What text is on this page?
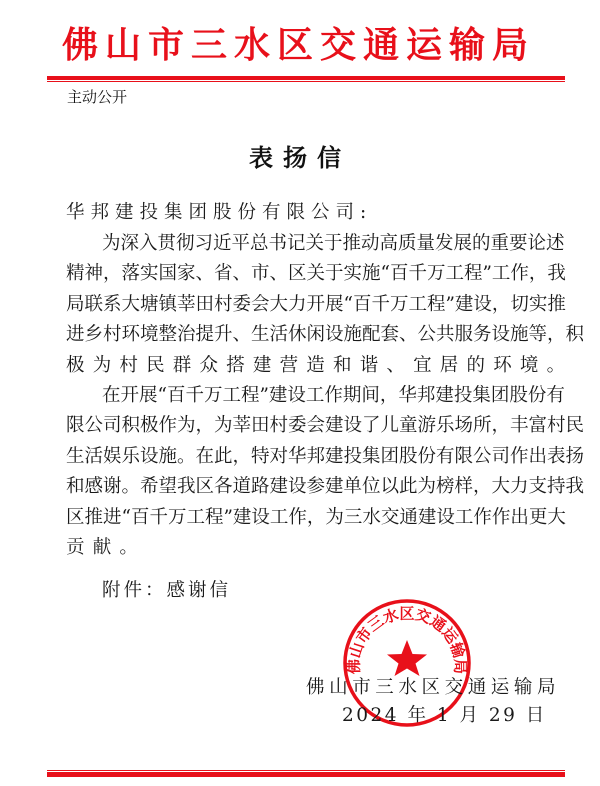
佛山市三水区交通运输局
主动公开
表扬信
华邦建投集团股份有限公司:
为深入贯彻习近平总书记关于推动高质量发展的重要论述
精神，落实国家、省、市、区关于实施“百千万工程”工作，我
局联系大塘镇莘田村委会大力开展“百千万工程”建设，切实推
进乡村环境整治提升、生活休闲设施配套、公共服务设施等，积
极为村民群众搭建营造和谐、宜居的环境。
在开展“百千万工程”建设工作期间，华邦建投集团股份有
限公司积极作为，为莘田村委会建设了儿童游乐场所，丰富村民
生活娱乐设施。在此，特对华邦建投集团股份有限公司作出表扬
和感谢。希望我区各道路建设参建单位以此为榜样，大力支持我
区推进“百千万工程”建设工作，为三水交通建设工作作出更大
贡献。
附件：感谢信
佛山市三水区交通运输局
2024 年 1 月 29 日
佛山市三水区交通运输局
